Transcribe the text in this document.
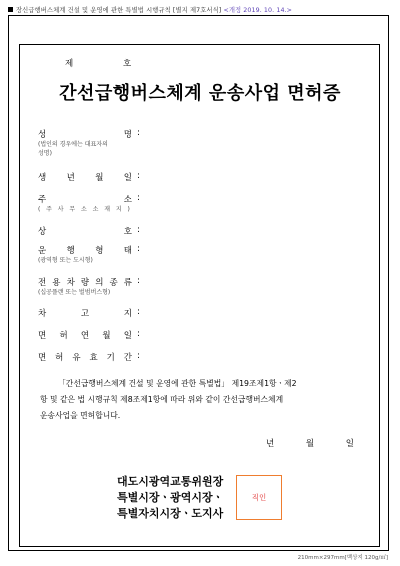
장신급행버스체계 건설 및 운영에 관한 특별법 시행규칙 [별지 제7호서식] <개정 2019. 10. 14.>
제	호
간선급행버스체계 운송사업 면허증
성	명 :
(법인의 경우에는 대표자의
성명)
생 년 월 일 :
주	소 :
( 주 사 무 소 소 재 지 )
상	호 :
운 행 형 태 :
(광역형 또는 도시형)
전 용 차 량 의 종 류 :
(십공플랜 또는 벌범버스형)
차	고	지 :
면 허 연 월 일 :
면 허 유 효 기 간 :
「간선급행버스체계 건설 및 운영에 관한 특별법」 제19조제1항ㆍ제2
항 및 같은 법 시행규칙 제8조제1항에 따라 위와 같이 간선급행버스체계
운송사업을 면허합니다.
년	월	일
대도시광역교통위원장
특별시장ㆍ광역시장ㆍ
특별자치시장ㆍ도지사
직인
210mm×297mm[백상지 120g/㎡]
